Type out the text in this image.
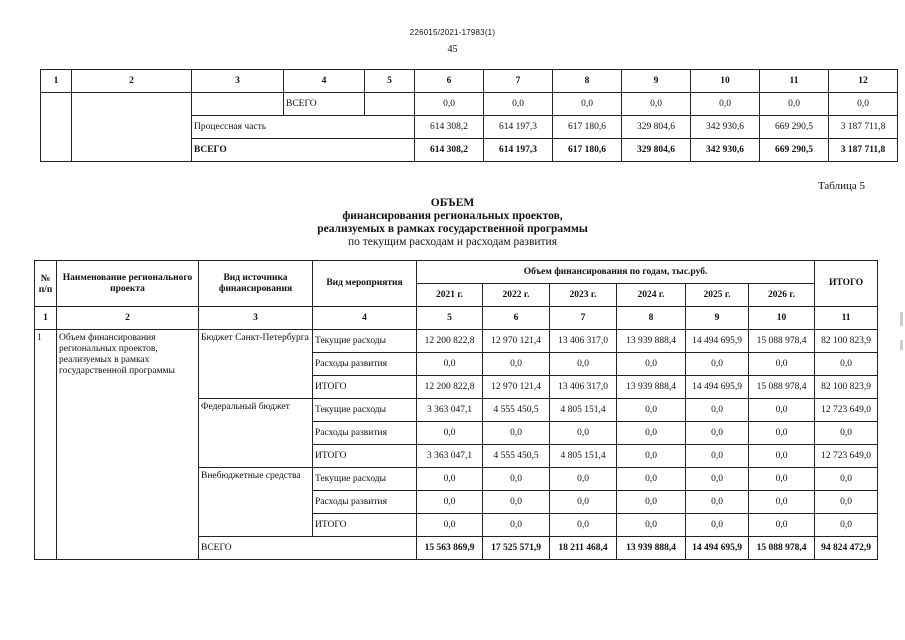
226015/2021-17983(1)
45
1	2	3	4	5	6	7	8	9	10	11	12
			ВСЕГО		0,0	0,0	0,0	0,0	0,0	0,0	0,0
		Процессная часть			614 308,2	614 197,3	617 180,6	329 804,6	342 930,6	669 290,5	3 187 711,8
		ВСЕГО			614 308,2	614 197,3	617 180,6	329 804,6	342 930,6	669 290,5	3 187 711,8
Таблица 5
ОБЪЕМ
финансирования региональных проектов,
реализуемых в рамках государственной программы
по текущим расходам и расходам развития
№ п/п	Наименование регионального проекта	Вид источника финансирования	Вид мероприятия	Объем финансирования по годам, тыс.руб.						ИТОГО
				2021 г.	2022 г.	2023 г.	2024 г.	2025 г.	2026 г.	
1	2	3	4	5	6	7	8	9	10	11
1	Объем финансирования региональных проектов, реализуемых в рамках государственной программы	Бюджет Санкт-Петербурга	Текущие расходы	12 200 822,8	12 970 121,4	13 406 317,0	13 939 888,4	14 494 695,9	15 088 978,4	82 100 823,9
			Расходы развития	0,0	0,0	0,0	0,0	0,0	0,0	0,0
			ИТОГО	12 200 822,8	12 970 121,4	13 406 317,0	13 939 888,4	14 494 695,9	15 088 978,4	82 100 823,9
		Федеральный бюджет	Текущие расходы	3 363 047,1	4 555 450,5	4 805 151,4	0,0	0,0	0,0	12 723 649,0
			Расходы развития	0,0	0,0	0,0	0,0	0,0	0,0	0,0
			ИТОГО	3 363 047,1	4 555 450,5	4 805 151,4	0,0	0,0	0,0	12 723 649,0
		Внебюджетные средства	Текущие расходы	0,0	0,0	0,0	0,0	0,0	0,0	0,0
			Расходы развития	0,0	0,0	0,0	0,0	0,0	0,0	0,0
			ИТОГО	0,0	0,0	0,0	0,0	0,0	0,0	0,0
		ВСЕГО		15 563 869,9	17 525 571,9	18 211 468,4	13 939 888,4	14 494 695,9	15 088 978,4	94 824 472,9
